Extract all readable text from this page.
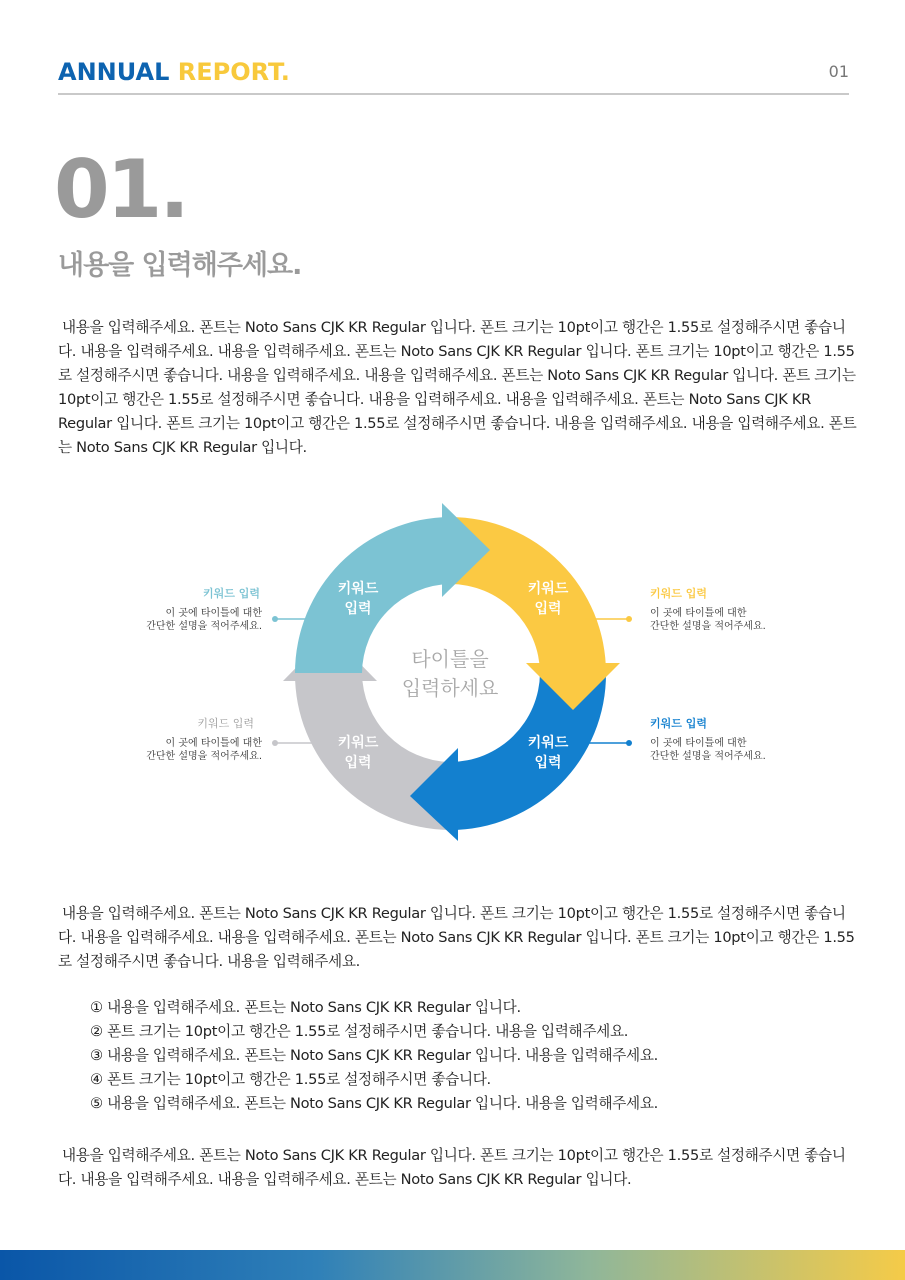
ANNUAL REPORT.	01
01.
내용을 입력해주세요.
내용을 입력해주세요. 폰트는 Noto Sans CJK KR Regular 입니다. 폰트 크기는 10pt이고 행간은 1.55로 설정해주시면 좋습니다. 내용을 입력해주세요. 내용을 입력해주세요. 폰트는 Noto Sans CJK KR Regular 입니다. 폰트 크기는 10pt이고 행간은 1.55로 설정해주시면 좋습니다. 내용을 입력해주세요. 내용을 입력해주세요. 폰트는 Noto Sans CJK KR Regular 입니다. 폰트 크기는 10pt이고 행간은 1.55로 설정해주시면 좋습니다. 내용을 입력해주세요. 내용을 입력해주세요. 폰트는 Noto Sans CJK KR Regular 입니다. 폰트 크기는 10pt이고 행간은 1.55로 설정해주시면 좋습니다. 내용을 입력해주세요. 내용을 입력해주세요. 폰트는 Noto Sans CJK KR Regular 입니다.
키워드
입력
키워드
입력
키워드
입력
키워드
입력
타이틀을
입력하세요
키워드 입력
이 곳에 타이틀에 대한
간단한 설명을 적어주세요.
키워드 입력
이 곳에 타이틀에 대한
간단한 설명을 적어주세요.
키워드 입력
이 곳에 타이틀에 대한
간단한 설명을 적어주세요.
키워드 입력
이 곳에 타이틀에 대한
간단한 설명을 적어주세요.
내용을 입력해주세요. 폰트는 Noto Sans CJK KR Regular 입니다. 폰트 크기는 10pt이고 행간은 1.55로 설정해주시면 좋습니다. 내용을 입력해주세요. 내용을 입력해주세요. 폰트는 Noto Sans CJK KR Regular 입니다. 폰트 크기는 10pt이고 행간은 1.55로 설정해주시면 좋습니다. 내용을 입력해주세요.
① 내용을 입력해주세요. 폰트는 Noto Sans CJK KR Regular 입니다.
② 폰트 크기는 10pt이고 행간은 1.55로 설정해주시면 좋습니다. 내용을 입력해주세요.
③ 내용을 입력해주세요. 폰트는 Noto Sans CJK KR Regular 입니다. 내용을 입력해주세요.
④ 폰트 크기는 10pt이고 행간은 1.55로 설정해주시면 좋습니다.
⑤ 내용을 입력해주세요. 폰트는 Noto Sans CJK KR Regular 입니다. 내용을 입력해주세요.
내용을 입력해주세요. 폰트는 Noto Sans CJK KR Regular 입니다. 폰트 크기는 10pt이고 행간은 1.55로 설정해주시면 좋습니다. 내용을 입력해주세요. 내용을 입력해주세요. 폰트는 Noto Sans CJK KR Regular 입니다.
